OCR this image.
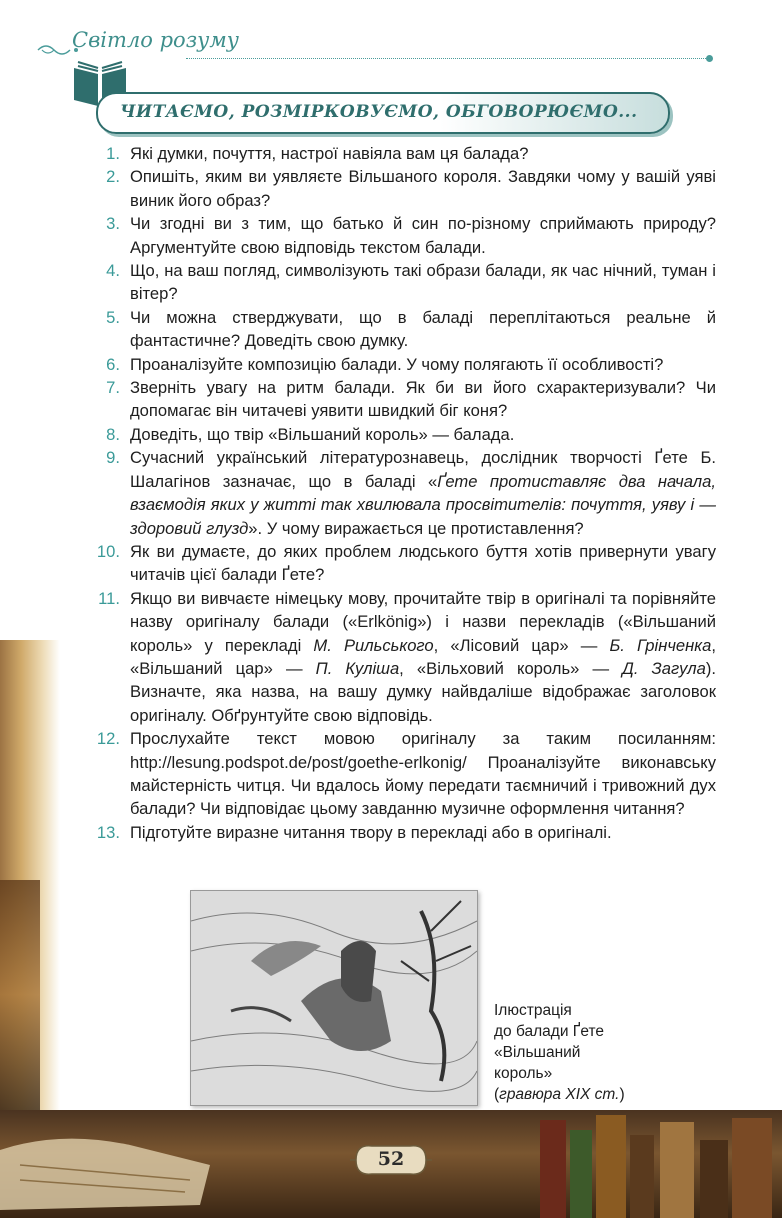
Світло розуму
ЧИТАЄМО, РОЗМІРКОВУЄМО, ОБГОВОРЮЄМО...
1. Які думки, почуття, настрої навіяла вам ця балада?
2. Опишіть, яким ви уявляєте Вільшаного короля. Завдяки чому у вашій уяві виник його образ?
3. Чи згодні ви з тим, що батько й син по-різному сприймають природу? Аргументуйте свою відповідь текстом балади.
4. Що, на ваш погляд, символізують такі образи балади, як час нічний, туман і вітер?
5. Чи можна стверджувати, що в баладі переплітаються реальне й фантастичне? Доведіть свою думку.
6. Проаналізуйте композицію балади. У чому полягають її особливості?
7. Зверніть увагу на ритм балади. Як би ви його схарактеризували? Чи допомагає він читачеві уявити швидкий біг коня?
8. Доведіть, що твір «Вільшаний король» — балада.
9. Сучасний український літературознавець, дослідник творчості Ґете Б. Шалагінов зазначає, що в баладі «Ґете протиставляє два начала, взаємодія яких у житті так хвилювала просвітителів: почуття, уяву і — здоровий глузд». У чому виражається це протиставлення?
10. Як ви думаєте, до яких проблем людського буття хотів привернути увагу читачів цієї балади Ґете?
11. Якщо ви вивчаєте німецьку мову, прочитайте твір в оригіналі та порівняйте назву оригіналу балади («Erlkönig») і назви перекладів («Вільшаний король» у перекладі М. Рильського, «Лісовий цар» — Б. Грінченка, «Вільшаний цар» — П. Куліша, «Вільховий король» — Д. Загула). Визначте, яка назва, на вашу думку найвдаліше відображає заголовок оригіналу. Обґрунтуйте свою відповідь.
12. Прослухайте текст мовою оригіналу за таким посиланням: http://lesung.podspot.de/post/goethe-erlkonig/ Проаналізуйте виконавську майстерність читця. Чи вдалось йому передати таємничий і тривожний дух балади? Чи відповідає цьому завданню музичне оформлення читання?
13. Підготуйте виразне читання твору в перекладі або в оригіналі.
Ілюстрація
до балади Ґете
«Вільшаний
король»
(гравюра XIX ст.)
52
